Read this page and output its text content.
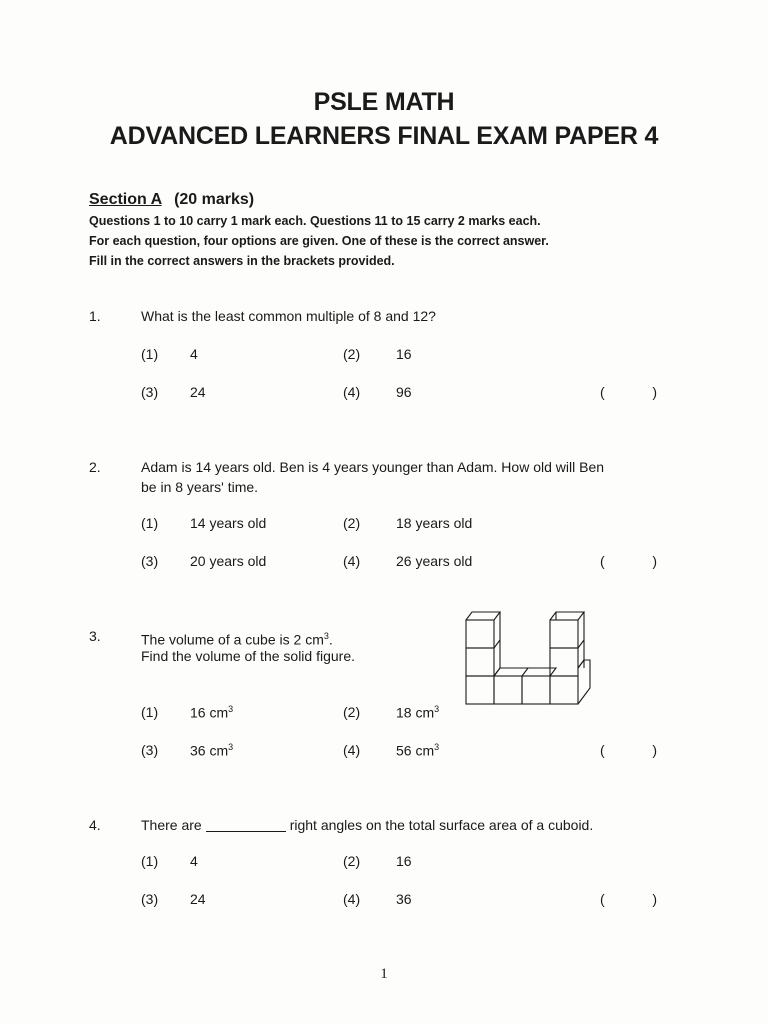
PSLE MATH
ADVANCED LEARNERS FINAL EXAM PAPER 4
Section A (20 marks)
Questions 1 to 10 carry 1 mark each. Questions 11 to 15 carry 2 marks each.
For each question, four options are given. One of these is the correct answer.
Fill in the correct answers in the brackets provided.
1.	What is the least common multiple of 8 and 12?
(1) 4	(2)	16
(3) 24	(4)	96	(	)
2.	Adam is 14 years old. Ben is 4 years younger than Adam. How old will Ben
be in 8 years' time.
(1) 14 years old	(2)	18 years old
(3) 20 years old	(4)	26 years old	(	)
3.	The volume of a cube is 2 $cm^3$.
Find the volume of the solid figure.
(1) 16 $cm^3$	(2)	18 $cm^3$
(3) 36 $cm^3$	(4)	56 $cm^3$	(	)
4.	There are	right angles on the total surface area of a cuboid.
(1) 4	(2)	16
(3) 24	(4)	36	(	)
1
